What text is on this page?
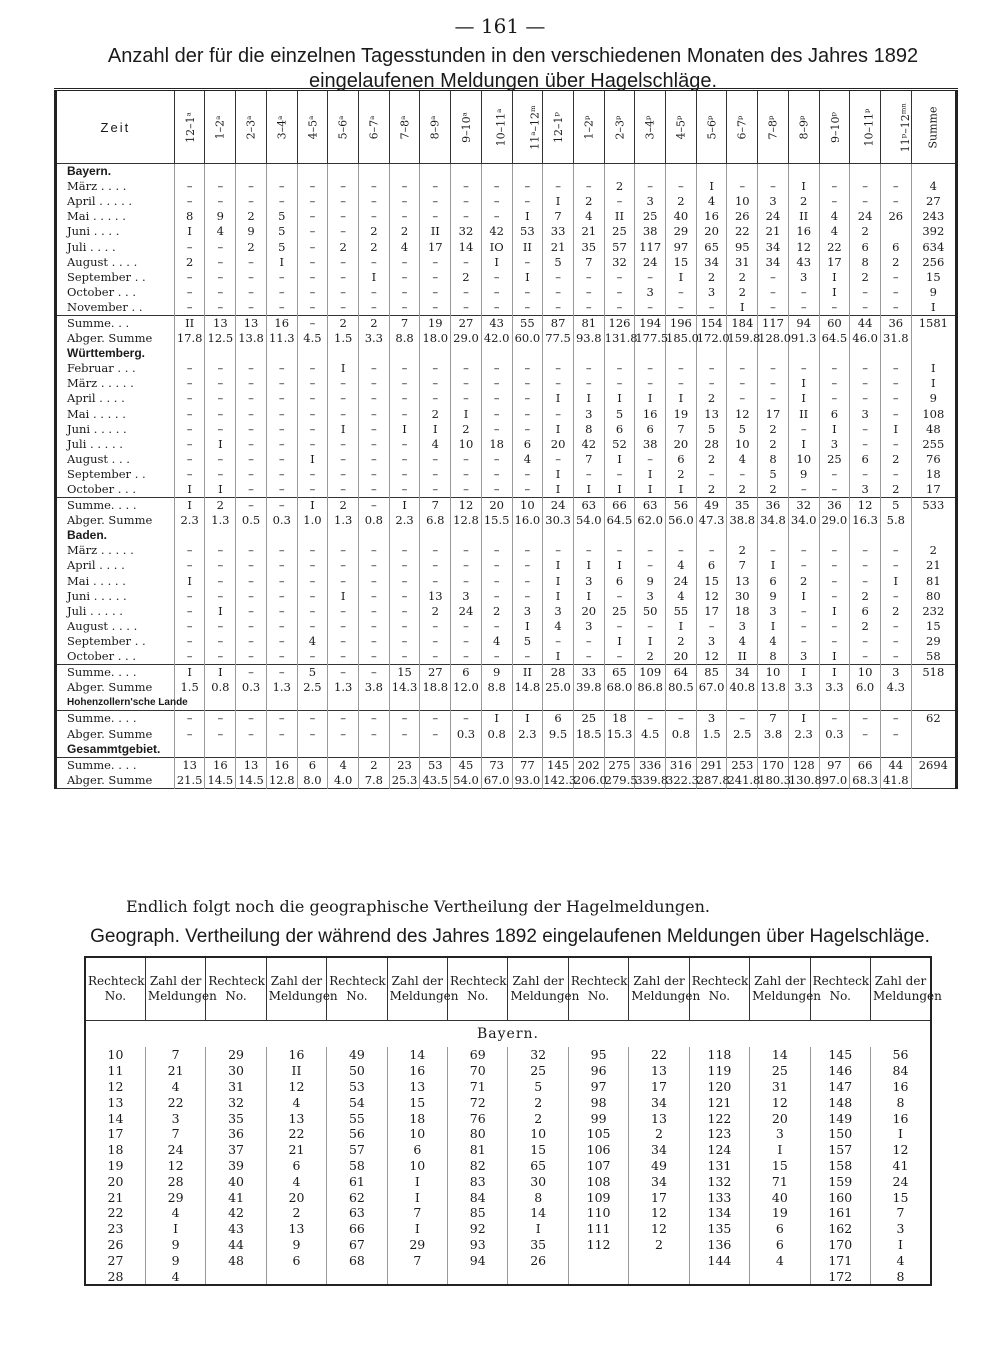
— 161 —
Anzahl der für die einzelnen Tagesstunden in den verschiedenen Monaten des Jahres 1892 eingelaufenen Meldungen über Hagelschläge.
Zeit	12–1ᵃ	1–2ᵃ	2–3ᵃ	3–4ᵃ	4–5ᵃ	5–6ᵃ	6–7ᵃ	7–8ᵃ	8–9ᵃ	9–10ᵃ	10–11ᵃ	11ᵃ–12ᵐ	12–1ᵖ	1–2ᵖ	2–3ᵖ	3–4ᵖ	4–5ᵖ	5–6ᵖ	6–7ᵖ	7–8ᵖ	8–9ᵖ	9–10ᵖ	10–11ᵖ	11ᵖ–12ᵐⁿ	Summe
Bayern.																									
März . . . .	–	–	–	–	–	–	–	–	–	–	–	–	–	–	2	–	–	I	–	–	I	–	–	–	4
April . . . . .	–	–	–	–	–	–	–	–	–	–	–	–	I	2	–	3	2	4	10	3	2	–	–	–	27
Mai . . . . .	8	9	2	5	–	–	–	–	–	–	–	I	7	4	II	25	40	16	26	24	II	4	24	26	243
Juni . . . .	I	4	9	5	–	–	2	2	II	32	42	53	33	21	25	38	29	20	22	21	16	4	2		392
Juli . . . .	–	–	2	5	–	2	2	4	17	14	IO	II	21	35	57	117	97	65	95	34	12	22	6	6	634
August . . . .	2	–	–	I	–	–	–	–	–	–	I	–	5	7	32	24	15	34	31	34	43	17	8	2	256
September . .	–	–	–	–	–	–	I	–	–	2	–	I	–	–	–	–	I	2	2	–	3	I	2	–	15
October . . .	–	–	–	–	–	–	–	–	–	–	–	–	–	–	–	3	–	3	2	–	–	I	–	–	9
November . .	–	–	–	–	–	–	–	–	–	–	–	–	–	–	–	–	–	–	I	–	–	–	–	–	I
Summe. . .	II	13	13	16	–	2	2	7	19	27	43	55	87	81	126	194	196	154	184	117	94	60	44	36	1581
Abger. Summe	17.8	12.5	13.8	11.3	4.5	1.5	3.3	8.8	18.0	29.0	42.0	60.0	77.5	93.8	131.8	177.5	185.0	172.0	159.8	128.0	91.3	64.5	46.0	31.8	
Württemberg.																									
Februar . . .	–	–	–	–	–	I	–	–	–	–	–	–	–	–	–	–	–	–	–	–	–	–	–	–	I
März . . . . .	–	–	–	–	–	–	–	–	–	–	–	–	–	–	–	–	–	–	–	–	I	–	–	–	I
April . . . .	–	–	–	–	–	–	–	–	–	–	–	–	I	I	I	I	I	2	–	–	I	–	–	–	9
Mai . . . . .	–	–	–	–	–	–	–	–	2	I	–	–	–	3	5	16	19	13	12	17	II	6	3	–	108
Juni . . . . .	–	–	–	–	–	I	–	I	I	2	–	–	I	8	6	6	7	5	5	2	–	I	–	I	48
Juli . . . . .	–	I	–	–	–	–	–	–	4	10	18	6	20	42	52	38	20	28	10	2	I	3	–	–	255
August . . .	–	–	–	–	I	–	–	–	–	–	–	4	–	7	I	–	6	2	4	8	10	25	6	2	76
September . .	–	–	–	–	–	–	–	–	–	–	–	–	I	–	–	I	2	–	–	5	9	–	–	–	18
October . . .	I	I	–	–	–	–	–	–	–	–	–	–	I	I	I	I	I	2	2	2	–	–	3	2	17
Summe. . . .	I	2	–	–	I	2	–	I	7	12	20	10	24	63	66	63	56	49	35	36	32	36	12	5	533
Abger. Summe	2.3	1.3	0.5	0.3	1.0	1.3	0.8	2.3	6.8	12.8	15.5	16.0	30.3	54.0	64.5	62.0	56.0	47.3	38.8	34.8	34.0	29.0	16.3	5.8	
Baden.																									
März . . . . .	–	–	–	–	–	–	–	–	–	–	–	–	–	–	–	–	–	–	2	–	–	–	–	–	2
April . . . .	–	–	–	–	–	–	–	–	–	–	–	–	I	I	I	–	4	6	7	I	–	–	–	–	21
Mai . . . . .	I	–	–	–	–	–	–	–	–	–	–	–	I	3	6	9	24	15	13	6	2	–	–	I	81
Juni . . . . .	–	–	–	–	–	I	–	–	13	3	–	–	I	I	–	3	4	12	30	9	I	–	2	–	80
Juli . . . . .	–	I	–	–	–	–	–	–	2	24	2	3	3	20	25	50	55	17	18	3	–	I	6	2	232
August . . . .	–	–	–	–	–	–	–	–	–	–	–	I	4	3	–	–	I	–	3	I	–	–	2	–	15
September . .	–	–	–	–	4	–	–	–	–	–	4	5	–	–	I	I	2	3	4	4	–	–	–	–	29
October . . .	–	–	–	–	–	–	–	–	–	–	–	–	I	–	–	2	20	12	II	8	3	I	–	–	58
Summe. . . .	I	I	–	–	5	–	–	15	27	6	9	II	28	33	65	109	64	85	34	10	I	I	10	3	518
Abger. Summe	1.5	0.8	0.3	1.3	2.5	1.3	3.8	14.3	18.8	12.0	8.8	14.8	25.0	39.8	68.0	86.8	80.5	67.0	40.8	13.8	3.3	3.3	6.0	4.3	
Hohenzollern'sche Lande																									
Summe. . . .	–	–	–	–	–	–	–	–	–	–	I	I	6	25	18	–	–	3	–	7	I	–	–	–	62
Abger. Summe	–	–	–	–	–	–	–	–	–	0.3	0.8	2.3	9.5	18.5	15.3	4.5	0.8	1.5	2.5	3.8	2.3	0.3	–	–	
Gesammtgebiet.																									
Summe. . . .	13	16	13	16	6	4	2	23	53	45	73	77	145	202	275	336	316	291	253	170	128	97	66	44	2694
Abger. Summe	21.5	14.5	14.5	12.8	8.0	4.0	7.8	25.3	43.5	54.0	67.0	93.0	142.3	206.0	279.5	339.8	322.3	287.8	241.8	180.3	130.8	97.0	68.3	41.8	
Endlich folgt noch die geographische Vertheilung der Hagelmeldungen.
Geograph. Vertheilung der während des Jahres 1892 eingelaufenen Meldungen über Hagelschläge.
Rechteck No.	Zahl der Meldungen	Rechteck No.	Zahl der Meldungen	Rechteck No.	Zahl der Meldungen	Rechteck No.	Zahl der Meldungen	Rechteck No.	Zahl der Meldungen	Rechteck No.	Zahl der Meldungen	Rechteck No.	Zahl der Meldungen
Bayern.													
10	7	29	16	49	14	69	32	95	22	118	14	145	56
11	21	30	II	50	16	70	25	96	13	119	25	146	84
12	4	31	12	53	13	71	5	97	17	120	31	147	16
13	22	32	4	54	15	72	2	98	34	121	12	148	8
14	3	35	13	55	18	76	2	99	13	122	20	149	16
17	7	36	22	56	10	80	10	105	2	123	3	150	I
18	24	37	21	57	6	81	15	106	34	124	I	157	12
19	12	39	6	58	10	82	65	107	49	131	15	158	41
20	28	40	4	61	I	83	30	108	34	132	71	159	24
21	29	41	20	62	I	84	8	109	17	133	40	160	15
22	4	42	2	63	7	85	14	110	12	134	19	161	7
23	I	43	13	66	I	92	I	111	12	135	6	162	3
26	9	44	9	67	29	93	35	112	2	136	6	170	I
27	9	48	6	68	7	94	26			144	4	171	4
28	4											172	8
